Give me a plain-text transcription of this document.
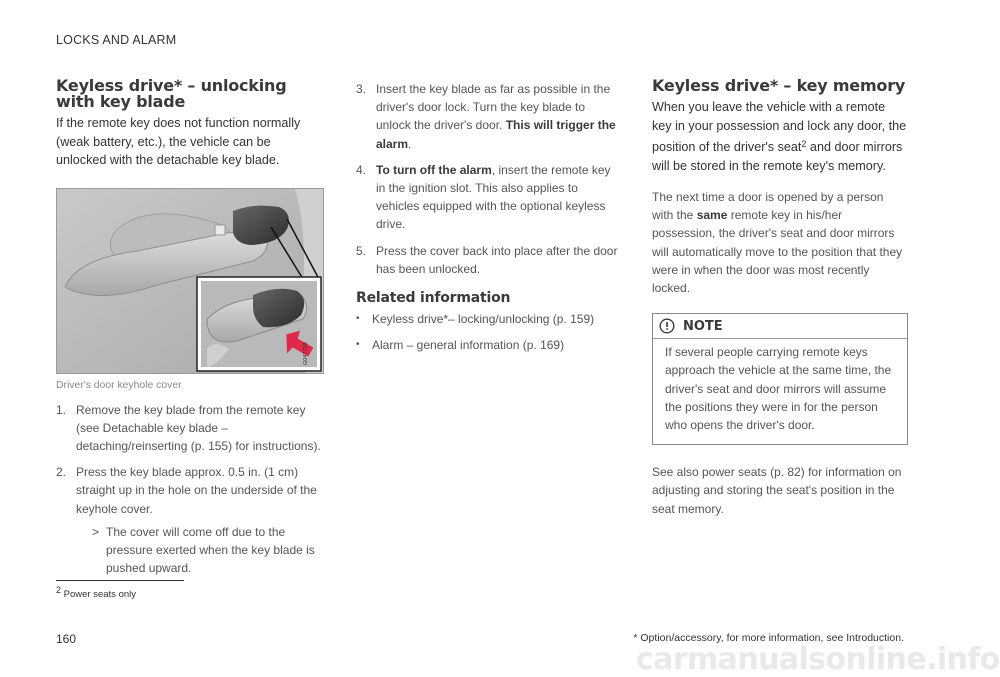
LOCKS AND ALARM
Keyless drive* – unlocking with key blade

If the remote key does not function normally (weak battery, etc.), the vehicle can be unlocked with the detachable key blade.

G047759
Driver's door keyhole cover
1. Remove the key blade from the remote key (see Detachable key blade – detaching/reinserting (p. 155) for instructions).
2. Press the key blade approx. 0.5 in. (1 cm) straight up in the hole on the underside of the keyhole cover.
> The cover will come off due to the pressure exerted when the key blade is pushed upward.
3. Insert the key blade as far as possible in the driver's door lock. Turn the key blade to unlock the driver's door. This will trigger the alarm.
4. To turn off the alarm, insert the remote key in the ignition slot. This also applies to vehicles equipped with the optional keyless drive.
5. Press the cover back into place after the door has been unlocked.
Related information
• Keyless drive*– locking/unlocking (p. 159)
• Alarm – general information (p. 169)
Keyless drive* – key memory

When you leave the vehicle with a remote key in your possession and lock any door, the position of the driver's seat$^2$ and door mirrors will be stored in the remote key's memory.

The next time a door is opened by a person with the same remote key in his/her possession, the driver's seat and door mirrors will automatically move to the position that they were in when the door was most recently locked.

NOTE
If several people carrying remote keys approach the vehicle at the same time, the driver's seat and door mirrors will assume the positions they were in for the person who opens the driver's door.

See also power seats (p. 82) for information on adjusting and storing the seat's position in the seat memory.

$^2$ Power seats only
160	* Option/accessory, for more information, see Introduction.
carmanualsonline.info
